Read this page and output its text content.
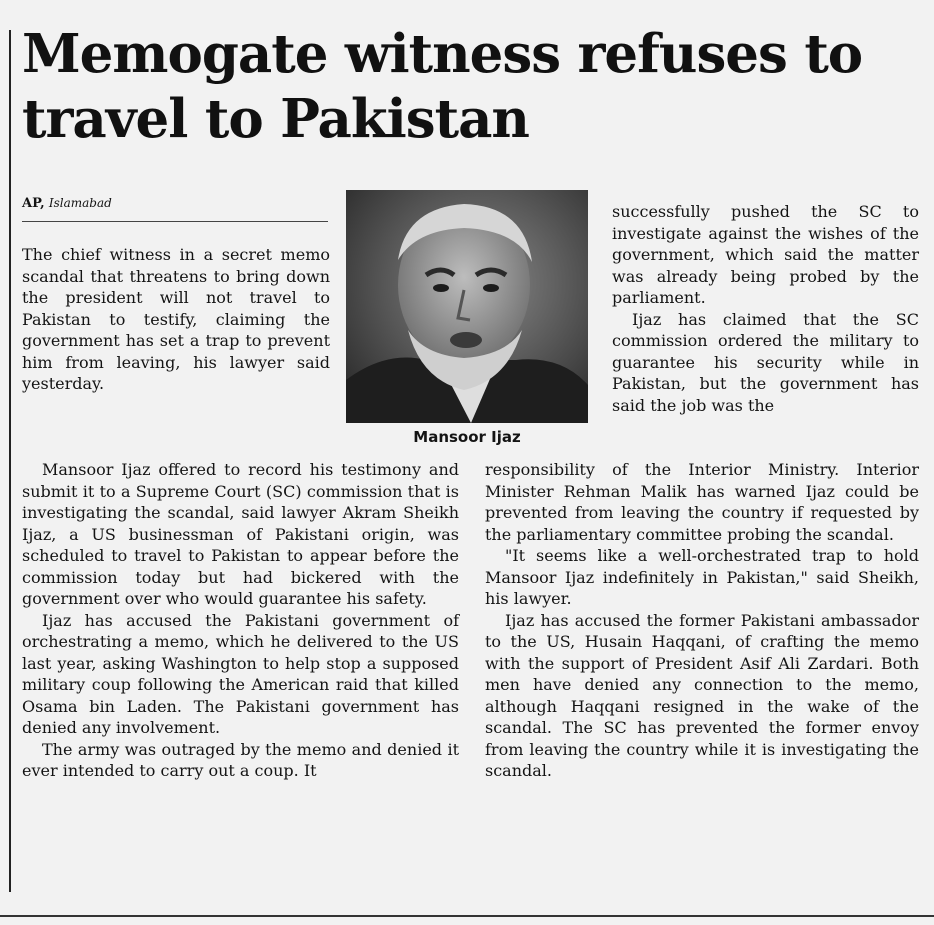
Memogate witness refuses to travel to Pakistan
AP, Islamabad
Mansoor Ijaz

The chief witness in a secret memo scandal that threatens to bring down the president will not travel to Pakistan to testify, claiming the government has set a trap to prevent him from leaving, his lawyer said yesterday.

Mansoor Ijaz offered to record his testimony and submit it to a Supreme Court (SC) commission that is investigating the scandal, said lawyer Akram Sheikh Ijaz, a US businessman of Pakistani origin, was scheduled to travel to Pakistan to appear before the commission today but had bickered with the government over who would guarantee his safety.

Ijaz has accused the Pakistani government of orchestrating a memo, which he delivered to the US last year, asking Washington to help stop a supposed military coup following the American raid that killed Osama bin Laden. The Pakistani government has denied any involvement.

The army was outraged by the memo and denied it ever intended to carry out a coup. It

successfully pushed the SC to investigate against the wishes of the government, which said the matter was already being probed by the parliament.

Ijaz has claimed that the SC commission ordered the military to guarantee his security while in Pakistan, but the government has said the job was the

responsibility of the Interior Ministry. Interior Minister Rehman Malik has warned Ijaz could be prevented from leaving the country if requested by the parliamentary committee probing the scandal.

"It seems like a well-orchestrated trap to hold Mansoor Ijaz indefinitely in Pakistan," said Sheikh, his lawyer.

Ijaz has accused the former Pakistani ambassador to the US, Husain Haqqani, of crafting the memo with the support of President Asif Ali Zardari. Both men have denied any connection to the memo, although Haqqani resigned in the wake of the scandal. The SC has prevented the former envoy from leaving the country while it is investigating the scandal.
